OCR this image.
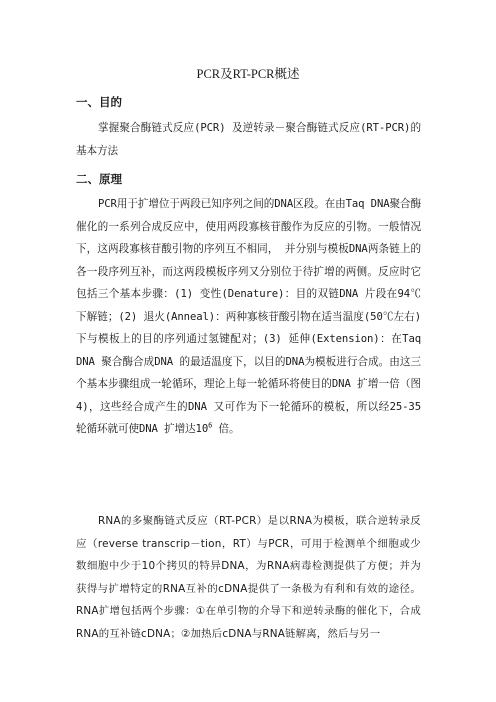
PCR及RT-PCR概述
一、目的

掌握聚合酶链式反应(PCR) 及逆转录－聚合酶链式反应(RT-PCR)的基本方法

二、原理

PCR用于扩增位于两段已知序列之间的DNA区段。在由Taq DNA聚合酶催化的一系列合成反应中，使用两段寡核苷酸作为反应的引物。一般情况下，这两段寡核苷酸引物的序列互不相同， 并分别与模板DNA两条链上的各一段序列互补，而这两段模板序列又分别位于待扩增的两侧。反应时它包括三个基本步骤：(1) 变性(Denature)：目的双链DNA 片段在94℃下解链；(2) 退火(Anneal)：两种寡核苷酸引物在适当温度(50℃左右)下与模板上的目的序列通过氢键配对；(3) 延伸(Extension)：在Taq DNA 聚合酶合成DNA 的最适温度下，以目的DNA为模板进行合成。由这三个基本步骤组成一轮循环，理论上每一轮循环将使目的DNA 扩增一倍（图4)，这些经合成产生的DNA 又可作为下一轮循环的模板，所以经25-35 轮循环就可使DNA 扩增达$10^6$ 倍。

RNA的多聚酶链式反应（RT-PCR）是以RNA为模板，联合逆转录反应（reverse transcrip－tion，RT）与PCR，可用于检测单个细胞或少数细胞中少于10个拷贝的特异DNA，为RNA病毒检测提供了方便；并为获得与扩增特定的RNA互补的cDNA提供了一条极为有利和有效的途径。RNA扩增包括两个步骤：①在单引物的介导下和逆转录酶的催化下，合成RNA的互补链cDNA；②加热后cDNA与RNA链解离，然后与另一
